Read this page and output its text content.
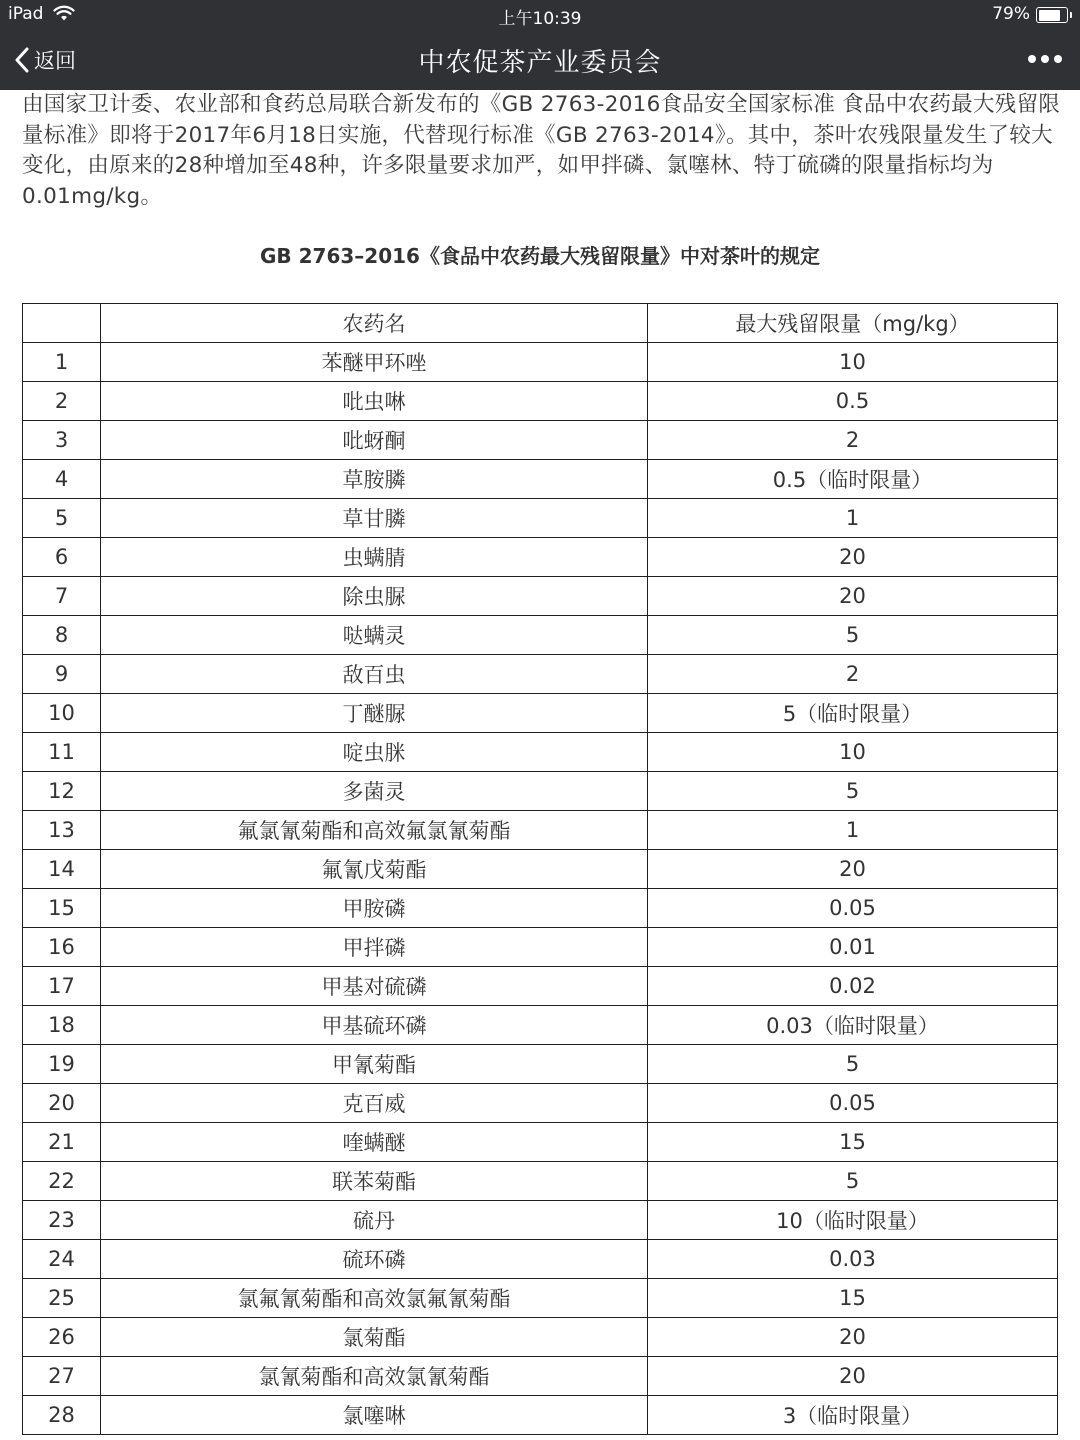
iPad	上午10:39	79%
返回	中农促茶产业委员会
由国家卫计委、农业部和食药总局联合新发布的《GB 2763-2016食品安全国家标准 食品中农药最大残留限量标准》即将于2017年6月18日实施，代替现行标准《GB 2763-2014》。其中，茶叶农残限量发生了较大变化，由原来的28种增加至48种，许多限量要求加严，如甲拌磷、氯噻林、特丁硫磷的限量指标均为0.01mg/kg。
GB 2763–2016《食品中农药最大残留限量》中对茶叶的规定
	农药名	最大残留限量（mg/kg）
1	苯醚甲环唑	10
2	吡虫啉	0.5
3	吡蚜酮	2
4	草胺膦	0.5（临时限量）
5	草甘膦	1
6	虫螨腈	20
7	除虫脲	20
8	哒螨灵	5
9	敌百虫	2
10	丁醚脲	5（临时限量）
11	啶虫脒	10
12	多菌灵	5
13	氟氯氰菊酯和高效氟氯氰菊酯	1
14	氟氰戊菊酯	20
15	甲胺磷	0.05
16	甲拌磷	0.01
17	甲基对硫磷	0.02
18	甲基硫环磷	0.03（临时限量）
19	甲氰菊酯	5
20	克百威	0.05
21	喹螨醚	15
22	联苯菊酯	5
23	硫丹	10（临时限量）
24	硫环磷	0.03
25	氯氟氰菊酯和高效氯氟氰菊酯	15
26	氯菊酯	20
27	氯氰菊酯和高效氯氰菊酯	20
28	氯噻啉	3（临时限量）
